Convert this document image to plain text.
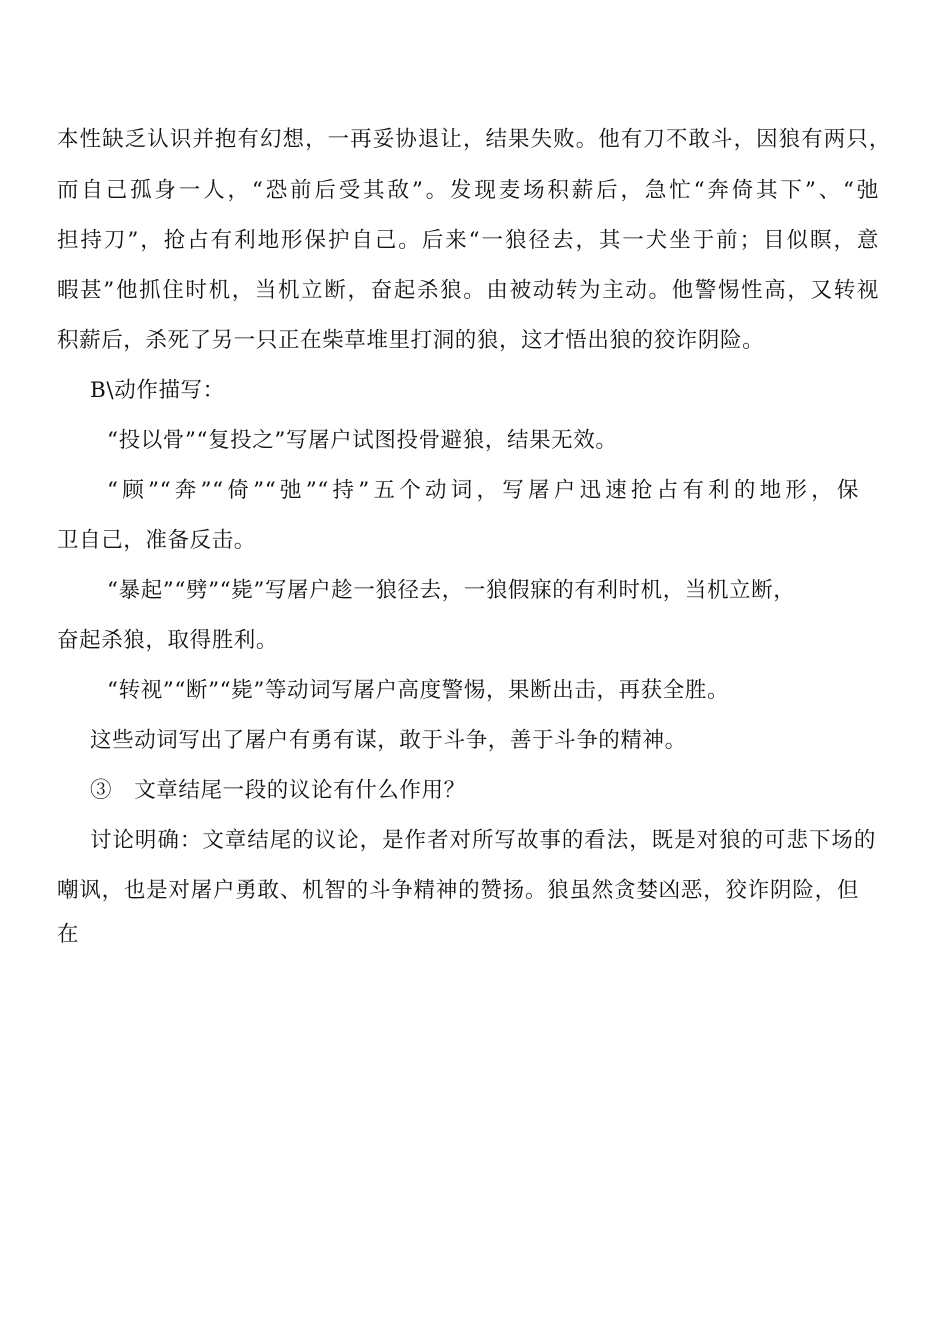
本性缺乏认识并抱有幻想，一再妥协退让，结果失败。他有刀不敢斗，因狼有两只，
而自己孤身一人，“恐前后受其敌”。发现麦场积薪后，急忙“奔倚其下”、“弛
担持刀”，抢占有利地形保护自己。后来“一狼径去，其一犬坐于前；目似瞑，意
暇甚”他抓住时机，当机立断，奋起杀狼。由被动转为主动。他警惕性高，又转视
积薪后，杀死了另一只正在柴草堆里打洞的狼，这才悟出狼的狡诈阴险。
B\动作描写：
“投以骨”“复投之”写屠户试图投骨避狼，结果无效。
“顾”“奔”“倚”“弛”“持”五个动词，写屠户迅速抢占有利的地形，保
卫自己，准备反击。
“暴起”“劈”“毙”写屠户趁一狼径去，一狼假寐的有利时机，当机立断，
奋起杀狼，取得胜利。
“转视”“断”“毙”等动词写屠户高度警惕，果断出击，再获全胜。
这些动词写出了屠户有勇有谋，敢于斗争，善于斗争的精神。
③　文章结尾一段的议论有什么作用？
讨论明确：文章结尾的议论，是作者对所写故事的看法，既是对狼的可悲下场的
嘲讽，也是对屠户勇敢、机智的斗争精神的赞扬。狼虽然贪婪凶恶，狡诈阴险，但
在
